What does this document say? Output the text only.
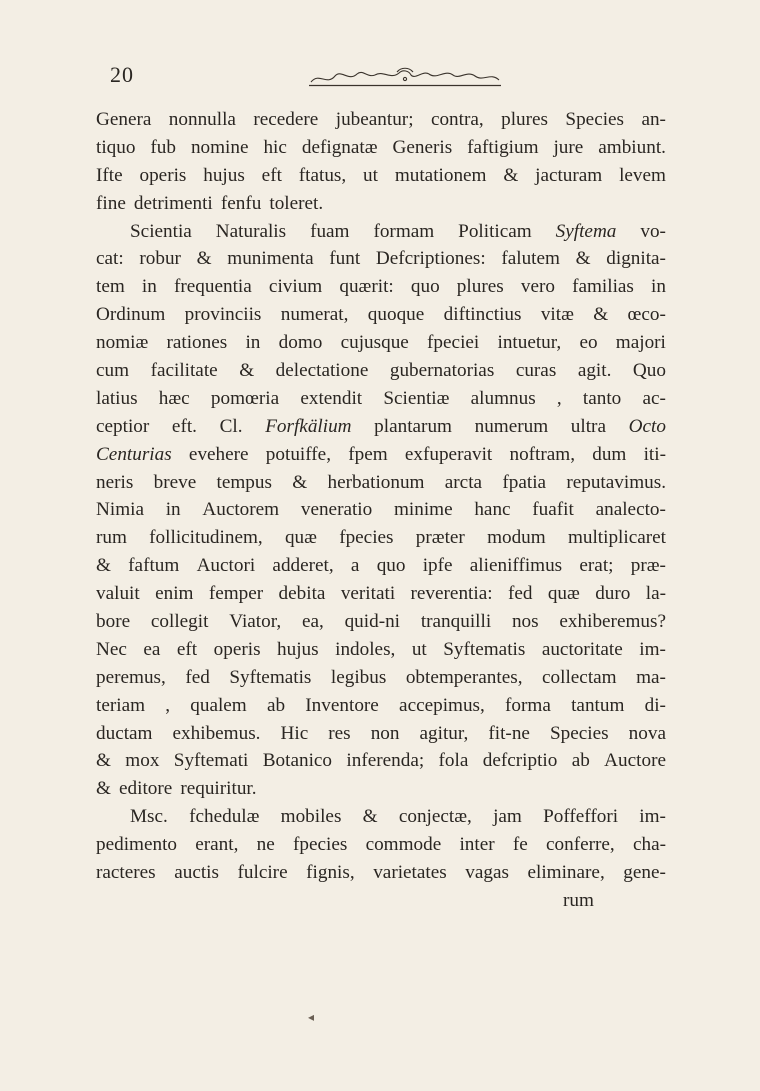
20
Genera nonnulla recedere jubeantur; contra, plures Species an-
tiquo fub nomine hic defignatæ Generis faftigium jure ambiunt.
Ifte operis hujus eft ftatus, ut mutationem & jacturam levem
fine detrimenti fenfu toleret.
Scientia Naturalis fuam formam Politicam Syftema vo-
cat: robur & munimenta funt Defcriptiones: falutem & dignita-
tem in frequentia civium quærit: quo plures vero familias in
Ordinum provinciis numerat, quoque diftinctius vitæ & œco-
nomiæ rationes in domo cujusque fpeciei intuetur, eo majori
cum facilitate & delectatione gubernatorias curas agit. Quo
latius hæc pomœria extendit Scientiæ alumnus , tanto ac-
ceptior eft. Cl. Forfkälium plantarum numerum ultra Octo
Centurias evehere potuiffe, fpem exfuperavit noftram, dum iti-
neris breve tempus & herbationum arcta fpatia reputavimus.
Nimia in Auctorem veneratio minime hanc fuafit analecto-
rum follicitudinem, quæ fpecies præter modum multiplicaret
& faftum Auctori adderet, a quo ipfe alieniffimus erat; præ-
valuit enim femper debita veritati reverentia: fed quæ duro la-
bore collegit Viator, ea, quid-ni tranquilli nos exhiberemus?
Nec ea eft operis hujus indoles, ut Syftematis auctoritate im-
peremus, fed Syftematis legibus obtemperantes, collectam ma-
teriam , qualem ab Inventore accepimus, forma tantum di-
ductam exhibemus. Hic res non agitur, fit-ne Species nova
& mox Syftemati Botanico inferenda; fola defcriptio ab Auctore
& editore requiritur.
Msc. fchedulæ mobiles & conjectæ, jam Poffeffori im-
pedimento erant, ne fpecies commode inter fe conferre, cha-
racteres auctis fulcire fignis, varietates vagas eliminare, gene-
rum
◂
